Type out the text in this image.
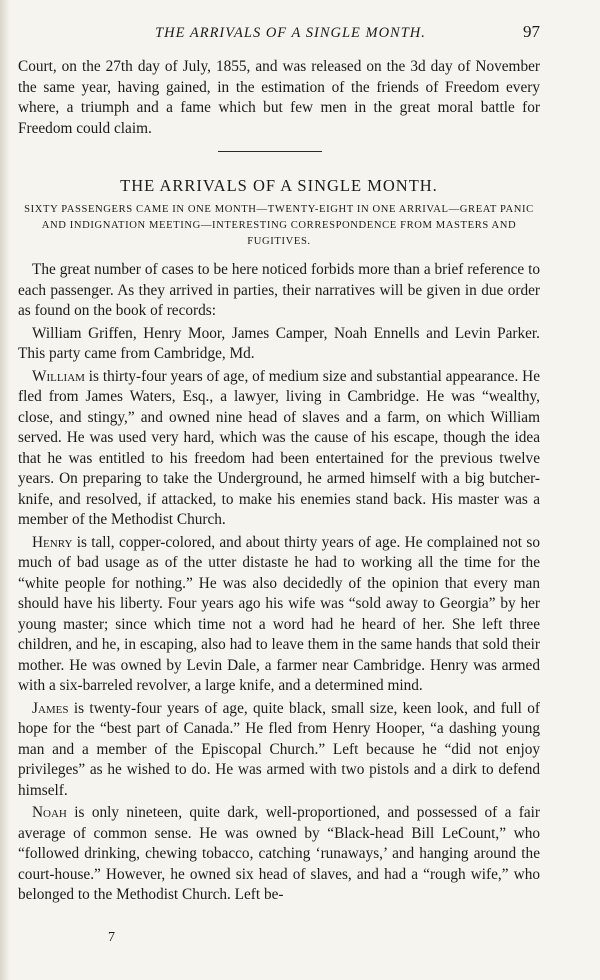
THE ARRIVALS OF A SINGLE MONTH.	97

Court, on the 27th day of July, 1855, and was released on the 3d day of November the same year, having gained, in the estimation of the friends of Freedom every where, a triumph and a fame which but few men in the great moral battle for Freedom could claim.

THE ARRIVALS OF A SINGLE MONTH.
SIXTY PASSENGERS CAME IN ONE MONTH—TWENTY-EIGHT IN ONE ARRIVAL—GREAT PANIC AND INDIGNATION MEETING—INTERESTING CORRESPONDENCE FROM MASTERS AND FUGITIVES.

The great number of cases to be here noticed forbids more than a brief reference to each passenger. As they arrived in parties, their narratives will be given in due order as found on the book of records:

William Griffen, Henry Moor, James Camper, Noah Ennells and Levin Parker. This party came from Cambridge, Md.

William is thirty-four years of age, of medium size and substantial appearance. He fled from James Waters, Esq., a lawyer, living in Cambridge. He was “wealthy, close, and stingy,” and owned nine head of slaves and a farm, on which William served. He was used very hard, which was the cause of his escape, though the idea that he was entitled to his freedom had been entertained for the previous twelve years. On preparing to take the Underground, he armed himself with a big butcher-knife, and resolved, if attacked, to make his enemies stand back. His master was a member of the Methodist Church.

Henry is tall, copper-colored, and about thirty years of age. He complained not so much of bad usage as of the utter distaste he had to working all the time for the “white people for nothing.” He was also decidedly of the opinion that every man should have his liberty. Four years ago his wife was “sold away to Georgia” by her young master; since which time not a word had he heard of her. She left three children, and he, in escaping, also had to leave them in the same hands that sold their mother. He was owned by Levin Dale, a farmer near Cambridge. Henry was armed with a six-barreled revolver, a large knife, and a determined mind.

James is twenty-four years of age, quite black, small size, keen look, and full of hope for the “best part of Canada.” He fled from Henry Hooper, “a dashing young man and a member of the Episcopal Church.” Left because he “did not enjoy privileges” as he wished to do. He was armed with two pistols and a dirk to defend himself.

Noah is only nineteen, quite dark, well-proportioned, and possessed of a fair average of common sense. He was owned by “Black-head Bill LeCount,” who “followed drinking, chewing tobacco, catching ‘runaways,’ and hanging around the court-house.” However, he owned six head of slaves, and had a “rough wife,” who belonged to the Methodist Church. Left be-

7
